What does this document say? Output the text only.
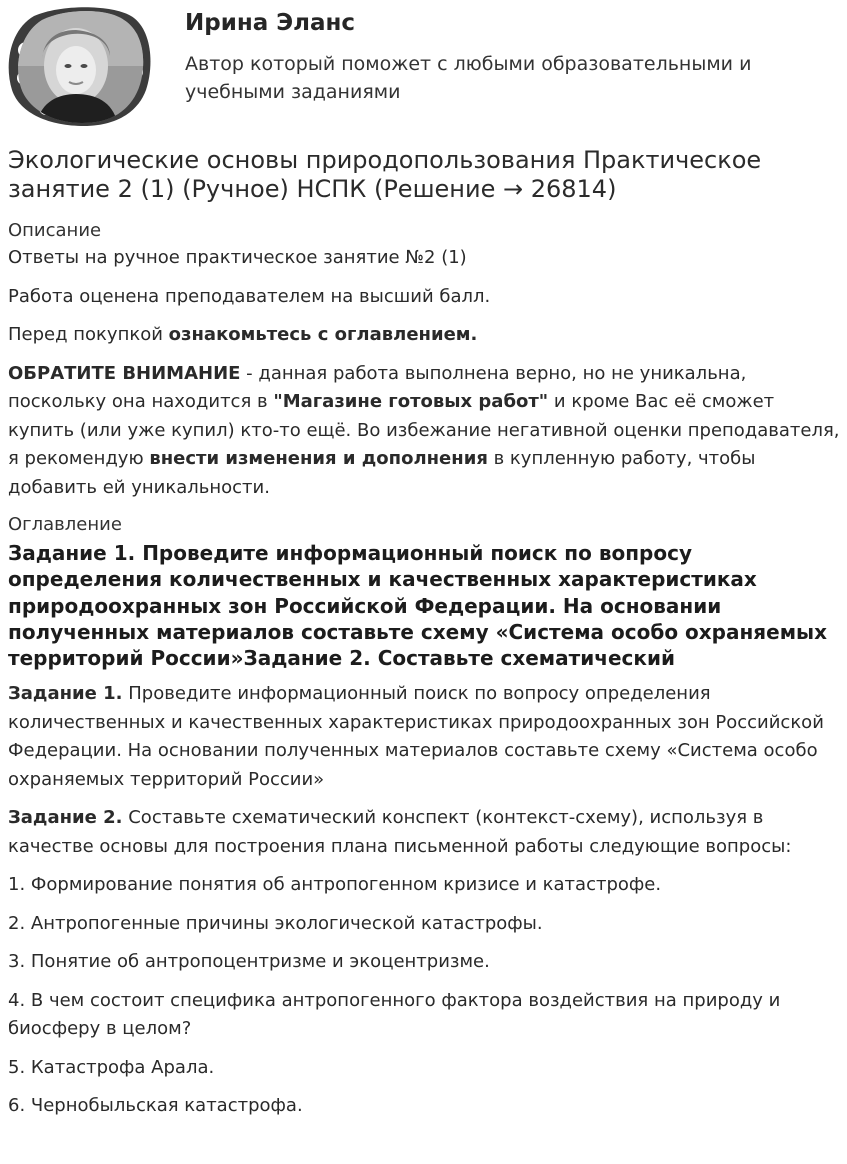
Ирина Эланс
Автор который поможет с любыми образовательными и учебными заданиями
Экологические основы природопользования Практическое занятие 2 (1) (Ручное) НСПК (Решение → 26814)
Описание

Ответы на ручное практическое занятие №2 (1)

Работа оценена преподавателем на высший балл.

Перед покупкой ознакомьтесь с оглавлением.

ОБРАТИТЕ ВНИМАНИЕ - данная работа выполнена верно, но не уникальна, поскольку она находится в "Магазине готовых работ" и кроме Вас её сможет купить (или уже купил) кто-то ещё. Во избежание негативной оценки преподавателя, я рекомендую внести изменения и дополнения в купленную работу, чтобы добавить ей уникальности.

Оглавление
Задание 1. Проведите информационный поиск по вопросу определения количественных и качественных характеристиках природоохранных зон Российской Федерации. На основании полученных материалов составьте схему «Система особо охраняемых территорий России»Задание 2. Составьте схематический

Задание 1. Проведите информационный поиск по вопросу определения количественных и качественных характеристиках природоохранных зон Российской Федерации. На основании полученных материалов составьте схему «Система особо охраняемых территорий России»

Задание 2. Составьте схематический конспект (контекст-схему), используя в качестве основы для построения плана письменной работы следующие вопросы:

1. Формирование понятия об антропогенном кризисе и катастрофе.

2. Антропогенные причины экологической катастрофы.

3. Понятие об антропоцентризме и экоцентризме.

4. В чем состоит специфика антропогенного фактора воздействия на природу и биосферу в целом?

5. Катастрофа Арала.

6. Чернобыльская катастрофа.
